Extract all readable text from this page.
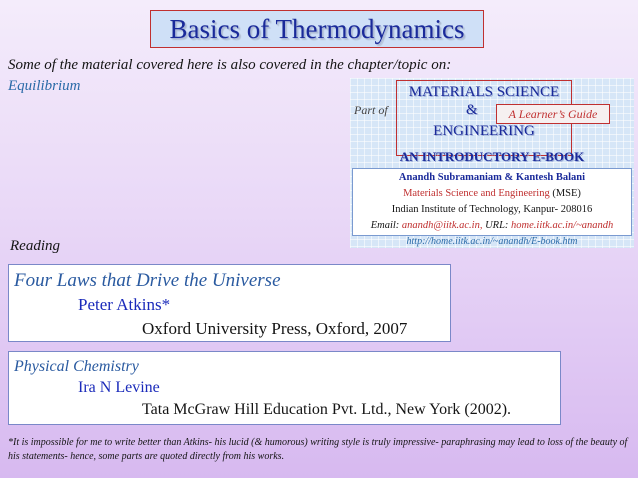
Basics of Thermodynamics
Some of the material covered here is also covered in the chapter/topic on:
Equilibrium
Part of
MATERIALS SCIENCE
&	A Learner’s Guide
ENGINEERING
AN INTRODUCTORY E-BOOK
Anandh Subramaniam & Kantesh Balani
Materials Science and Engineering (MSE)
Indian Institute of Technology, Kanpur- 208016
Email: anandh@iitk.ac.in, URL: home.iitk.ac.in/~anandh
http://home.iitk.ac.in/~anandh/E-book.htm
Reading
Four Laws that Drive the Universe
Peter Atkins*
Oxford University Press, Oxford, 2007
Physical Chemistry
Ira N Levine
Tata McGraw Hill Education Pvt. Ltd., New York (2002).
*It is impossible for me to write better than Atkins- his lucid (& humorous) writing style is truly impressive- paraphrasing may lead to loss of the beauty of his statements- hence, some parts are quoted directly from his works.
